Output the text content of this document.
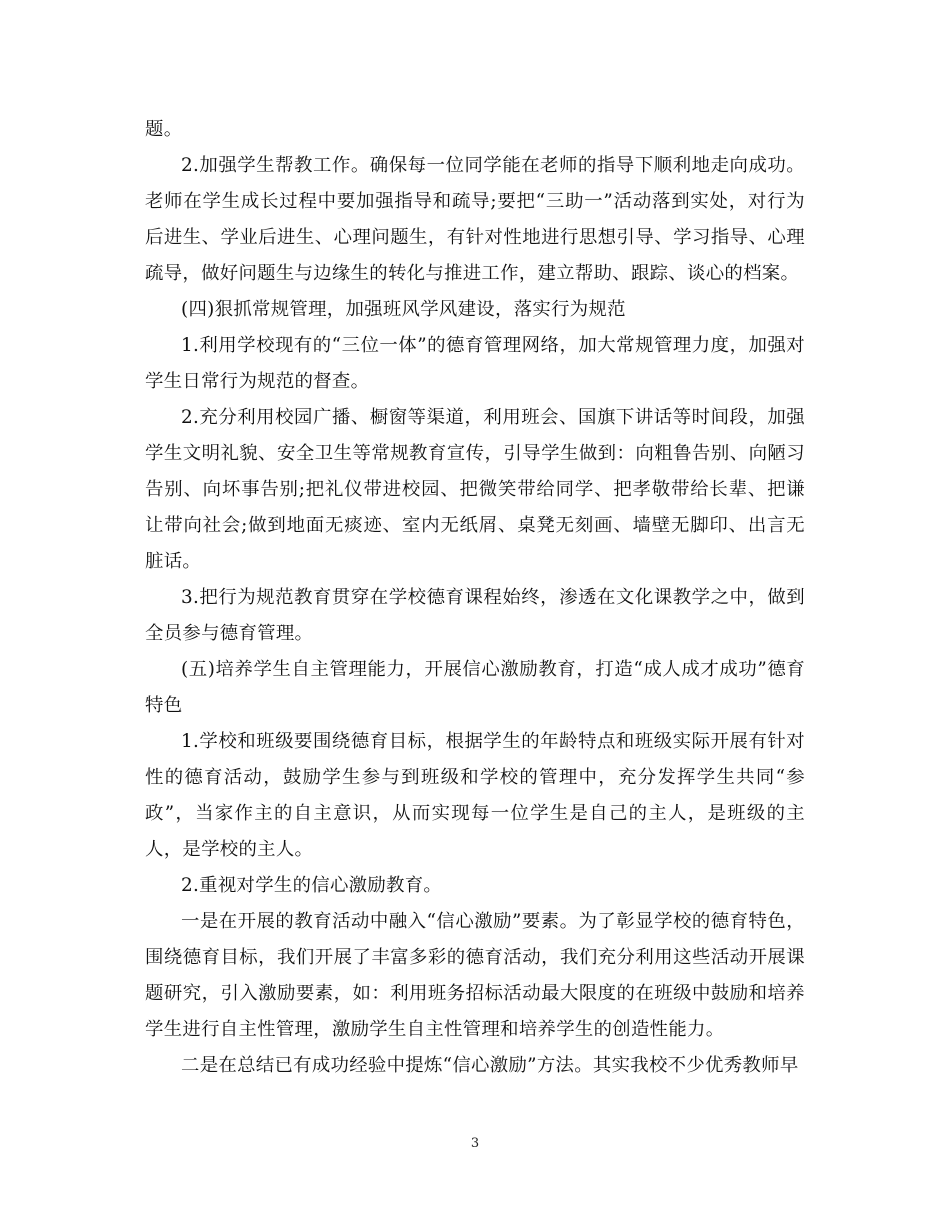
题。

2.加强学生帮教工作。确保每一位同学能在老师的指导下顺利地走向成功。老师在学生成长过程中要加强指导和疏导;要把“三助一”活动落到实处，对行为后进生、学业后进生、心理问题生，有针对性地进行思想引导、学习指导、心理疏导，做好问题生与边缘生的转化与推进工作，建立帮助、跟踪、谈心的档案。

(四)狠抓常规管理，加强班风学风建设，落实行为规范

1.利用学校现有的“三位一体”的德育管理网络，加大常规管理力度，加强对学生日常行为规范的督查。

2.充分利用校园广播、橱窗等渠道，利用班会、国旗下讲话等时间段，加强学生文明礼貌、安全卫生等常规教育宣传，引导学生做到：向粗鲁告别、向陋习告别、向坏事告别;把礼仪带进校园、把微笑带给同学、把孝敬带给长辈、把谦让带向社会;做到地面无痰迹、室内无纸屑、桌凳无刻画、墙壁无脚印、出言无脏话。

3.把行为规范教育贯穿在学校德育课程始终，渗透在文化课教学之中，做到全员参与德育管理。

(五)培养学生自主管理能力，开展信心激励教育，打造“成人成才成功”德育特色

1.学校和班级要围绕德育目标，根据学生的年龄特点和班级实际开展有针对性的德育活动，鼓励学生参与到班级和学校的管理中，充分发挥学生共同“参政”，当家作主的自主意识，从而实现每一位学生是自己的主人，是班级的主人，是学校的主人。

2.重视对学生的信心激励教育。

一是在开展的教育活动中融入“信心激励”要素。为了彰显学校的德育特色，围绕德育目标，我们开展了丰富多彩的德育活动，我们充分利用这些活动开展课题研究，引入激励要素，如：利用班务招标活动最大限度的在班级中鼓励和培养学生进行自主性管理，激励学生自主性管理和培养学生的创造性能力。

二是在总结已有成功经验中提炼“信心激励”方法。其实我校不少优秀教师早

3
